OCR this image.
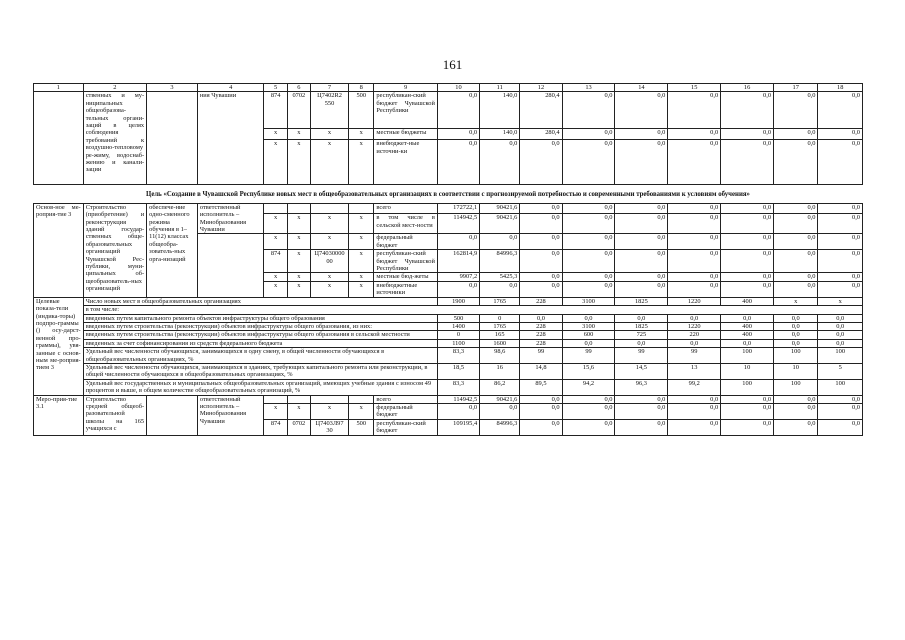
161
1	2	3	4	5	6	7	8	9	10	11	12	13	14	15	16	17	18
	ственных и му-ниципальных общеобразова-тельных органи-заций в целях соблюдения требований к воздушно-тепловому ре-жиму, водоснаб-жению и канали-зации		ния Чувашии	874	0702	Ц7402R2 550	500	республикан-ский бюджет Чувашской Республики	0,0	140,0	280,4	0,0	0,0	0,0	0,0	0,0	0,0
				x	x	x	x	местные бюджеты	0,0	140,0	280,4	0,0	0,0	0,0	0,0	0,0	0,0
				x	x	x	x	внебюджет-ные источни-ки	0,0	0,0	0,0	0,0	0,0	0,0	0,0	0,0	0,0
Цель «Создание в Чувашской Республике новых мест в общеобразовательных организациях в соответствии с прогнозируемой потребностью и современными требованиями к условиям обучения»																	
Основ-ное ме-роприя-тие 3	Строительство (приобретение) и реконструкция зданий государ-ственных обще-образовательных организаций Чувашской Рес-публики, муни-ципальных об-щеобразователь-ных организаций	обеспече-ние одно-сменного режима обучения в 1–11(12) классах общеобра-зователь-ных орга-низаций	ответственный исполнитель – Минобразования Чувашии					всего	172722,1	90421,6	0,0	0,0	0,0	0,0	0,0	0,0	0,0
				x	x	x	x	в том числе в сельской мест-ности	114942,5	90421,6	0,0	0,0	0,0	0,0	0,0	0,0	0,0
				x	x	x	x	федеральный бюджет	0,0	0,0	0,0	0,0	0,0	0,0	0,0	0,0	0,0
				874	x	Ц74030000 00	x	республикан-ский бюджет Чувашской Республики	162814,9	84996,3	0,0	0,0	0,0	0,0	0,0	0,0	0,0
				x	x	x	x	местные бюд-жеты	9907,2	5425,3	0,0	0,0	0,0	0,0	0,0	0,0	0,0
				x	x	x	x	внебюджетные источники	0,0	0,0	0,0	0,0	0,0	0,0	0,0	0,0	0,0
Целевые показа-тели (индика-торы) подпро-граммы () осу-дарст-венной про-граммы), увя-занные с основ-ным ме-роприя-тием 3	Число новых мест в общеобразовательных организациях								1900	1765	228	3100	1825	1220	400	x	x
	в том числе:																
	введенных путем капитального ремонта объектов инфраструктуры общего образования								500	0	0,0	0,0	0,0	0,0	0,0	0,0	0,0
	введенных путем строительства (реконструкции) объектов инфраструктуры общего образования, из них:								1400	1765	228	3100	1825	1220	400	0,0	0,0
	введенных путем строительства (реконструкции) объектов инфраструктуры общего образования в сельской местности								0	165	228	600	725	220	400	0,0	0,0
	введенных за счет софинансирования из средств федерального бюджета								1100	1600	228	0,0	0,0	0,0	0,0	0,0	0,0
	Удельный вес численности обучающихся, занимающихся в одну смену, в общей численности обучающихся в общеобразовательных организациях, %								83,3	98,6	99	99	99	99	100	100	100
	Удельный вес численности обучающихся, занимающихся в зданиях, требующих капитального ремонта или реконструкции, в общей численности обучающихся в общеобразовательных организациях, %								18,5	16	14,8	15,6	14,5	13	10	10	5
	Удельный вес государственных и муниципальных общеобразовательных организаций, имеющих учебные здания с износом 49 процентов и выше, в общем количестве общеобразовательных организаций, %								83,3	86,2	89,5	94,2	96,3	99,2	100	100	100
Меро-прия-тие 3.1	Строительство средней общеоб-разовательной школы на 165 учащихся с		ответственный исполнитель – Минобразования Чувашии					всего	114942,5	90421,6	0,0	0,0	0,0	0,0	0,0	0,0	0,0
				x	x	x	x	федеральный бюджет	0,0	0,0	0,0	0,0	0,0	0,0	0,0	0,0	0,0
				874	0702	Ц7403Л97 30	500	республикан-ский бюджет	109195,4	84996,3	0,0	0,0	0,0	0,0	0,0	0,0	0,0
